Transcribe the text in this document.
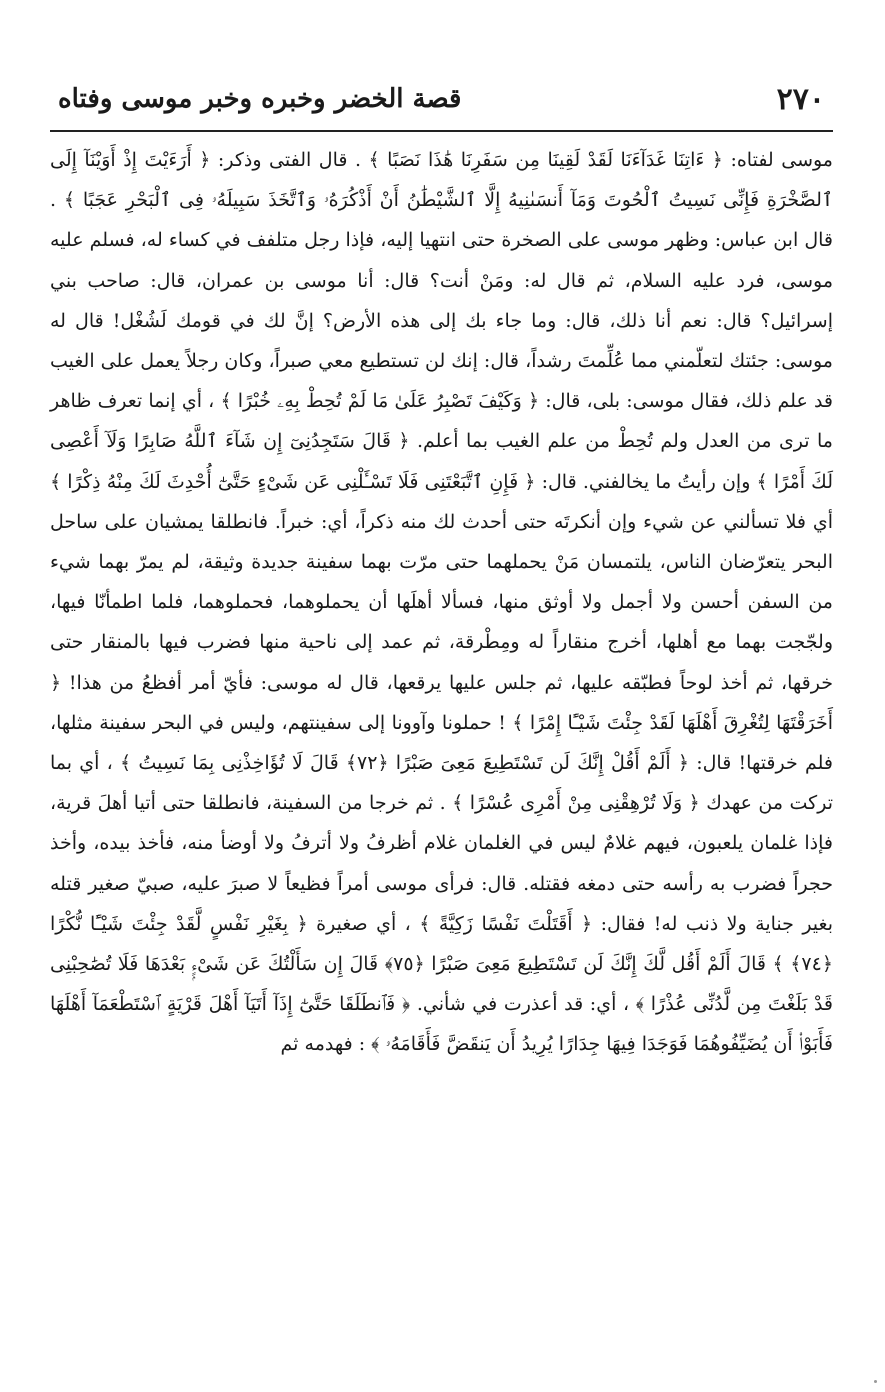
٢٧٠
قصة الخضر وخبره وخبر موسى وفتاه

موسى لفتاه: ﴿ ءَاتِنَا غَدَآءَنَا لَقَدْ لَقِينَا مِن سَفَرِنَا هَٰذَا نَصَبًا ﴾ . قال الفتى وذكر: ﴿ أَرَءَيْتَ إِذْ أَوَيْنَآ إِلَى ٱلصَّخْرَةِ فَإِنِّى نَسِيتُ ٱلْحُوتَ وَمَآ أَنسَىٰنِيهُ إِلَّا ٱلشَّيْطَٰنُ أَنْ أَذْكُرَهُۥ وَٱتَّخَذَ سَبِيلَهُۥ فِى ٱلْبَحْرِ عَجَبًا ﴾ . قال ابن عباس: وظهر موسى على الصخرة حتى انتهيا إليه، فإذا رجل متلفف في كساء له، فسلم عليه موسى، فرد عليه السلام، ثم قال له: ومَنْ أنت؟ قال: أنا موسى بن عمران، قال: صاحب بني إسرائيل؟ قال: نعم أنا ذلك، قال: وما جاء بك إلى هذه الأرض؟ إنَّ لك في قومك لَشُغْل! قال له موسى: جئتك لتعلّمني مما عُلِّمتَ رشداً، قال: إنك لن تستطيع معي صبراً، وكان رجلاً يعمل على الغيب قد علم ذلك، فقال موسى: بلى، قال: ﴿ وَكَيْفَ تَصْبِرُ عَلَىٰ مَا لَمْ تُحِطْ بِهِۦ خُبْرًا ﴾ ، أي إنما تعرف ظاهر ما ترى من العدل ولم تُحِطْ من علم الغيب بما أعلم. ﴿ قَالَ سَتَجِدُنِىٓ إِن شَآءَ ٱللَّهُ صَابِرًا وَلَآ أَعْصِى لَكَ أَمْرًا ﴾ وإن رأيتُ ما يخالفني. قال: ﴿ فَإِنِ ٱتَّبَعْتَنِى فَلَا تَسْـَٔلْنِى عَن شَىْءٍ حَتَّىٰٓ أُحْدِثَ لَكَ مِنْهُ ذِكْرًا ﴾ أي فلا تسألني عن شيء وإن أنكرتَه حتى أحدث لك منه ذكراً، أي: خبراً. فانطلقا يمشيان على ساحل البحر يتعرّضان الناس، يلتمسان مَنْ يحملهما حتى مرّت بهما سفينة جديدة وثيقة، لم يمرّ بهما شيء من السفن أحسن ولا أجمل ولا أوثق منها، فسألا أهلَها أن يحملوهما، فحملوهما، فلما اطمأنّا فيها، ولجّجت بهما مع أهلها، أخرج منقاراً له ومِطْرقة، ثم عمد إلى ناحية منها فضرب فيها بالمنقار حتى خرقها، ثم أخذ لوحاً فطبّقه عليها، ثم جلس عليها يرقعها، قال له موسى: فأيّ أمر أفظعُ من هذا! ﴿ أَخَرَقْتَهَا لِتُغْرِقَ أَهْلَهَا لَقَدْ جِئْتَ شَيْـًٔا إِمْرًا ﴾ ! حملونا وآوونا إلى سفينتهم، وليس في البحر سفينة مثلها، فلم خرقتها! قال: ﴿ أَلَمْ أَقُلْ إِنَّكَ لَن تَسْتَطِيعَ مَعِىَ صَبْرًا ﴿٧٢﴾ قَالَ لَا تُؤَاخِذْنِى بِمَا نَسِيتُ ﴾ ، أي بما تركت من عهدك ﴿ وَلَا تُرْهِقْنِى مِنْ أَمْرِى عُسْرًا ﴾ . ثم خرجا من السفينة، فانطلقا حتى أتيا أهلَ قرية، فإذا غلمان يلعبون، فيهم غلامٌ ليس في الغلمان غلام أظرفُ ولا أترفُ ولا أوضأ منه، فأخذ بيده، وأخذ حجراً فضرب به رأسه حتى دمغه فقتله. قال: فرأى موسى أمراً فظيعاً لا صبرَ عليه، صبيّ صغير قتله بغير جناية ولا ذنب له! فقال: ﴿ أَقَتَلْتَ نَفْسًا زَكِيَّةً ﴾ ، أي صغيرة ﴿ بِغَيْرِ نَفْسٍ لَّقَدْ جِئْتَ شَيْـًٔا نُّكْرًا ﴿٧٤﴾ ﴾ قَالَ أَلَمْ أَقُل لَّكَ إِنَّكَ لَن تَسْتَطِيعَ مَعِىَ صَبْرًا ﴿٧٥﴾ قَالَ إِن سَأَلْتُكَ عَن شَىْءٍۭ بَعْدَهَا فَلَا تُصَٰحِبْنِى قَدْ بَلَغْتَ مِن لَّدُنِّى عُذْرًا ﴾ ، أي: قد أعذرت في شأني. ﴿ فَٱنطَلَقَا حَتَّىٰٓ إِذَآ أَتَيَآ أَهْلَ قَرْيَةٍ ٱسْتَطْعَمَآ أَهْلَهَا فَأَبَوْا۟ أَن يُضَيِّفُوهُمَا فَوَجَدَا فِيهَا جِدَارًا يُرِيدُ أَن يَنقَضَّ فَأَقَامَهُۥ ﴾ : فهدمه ثم
